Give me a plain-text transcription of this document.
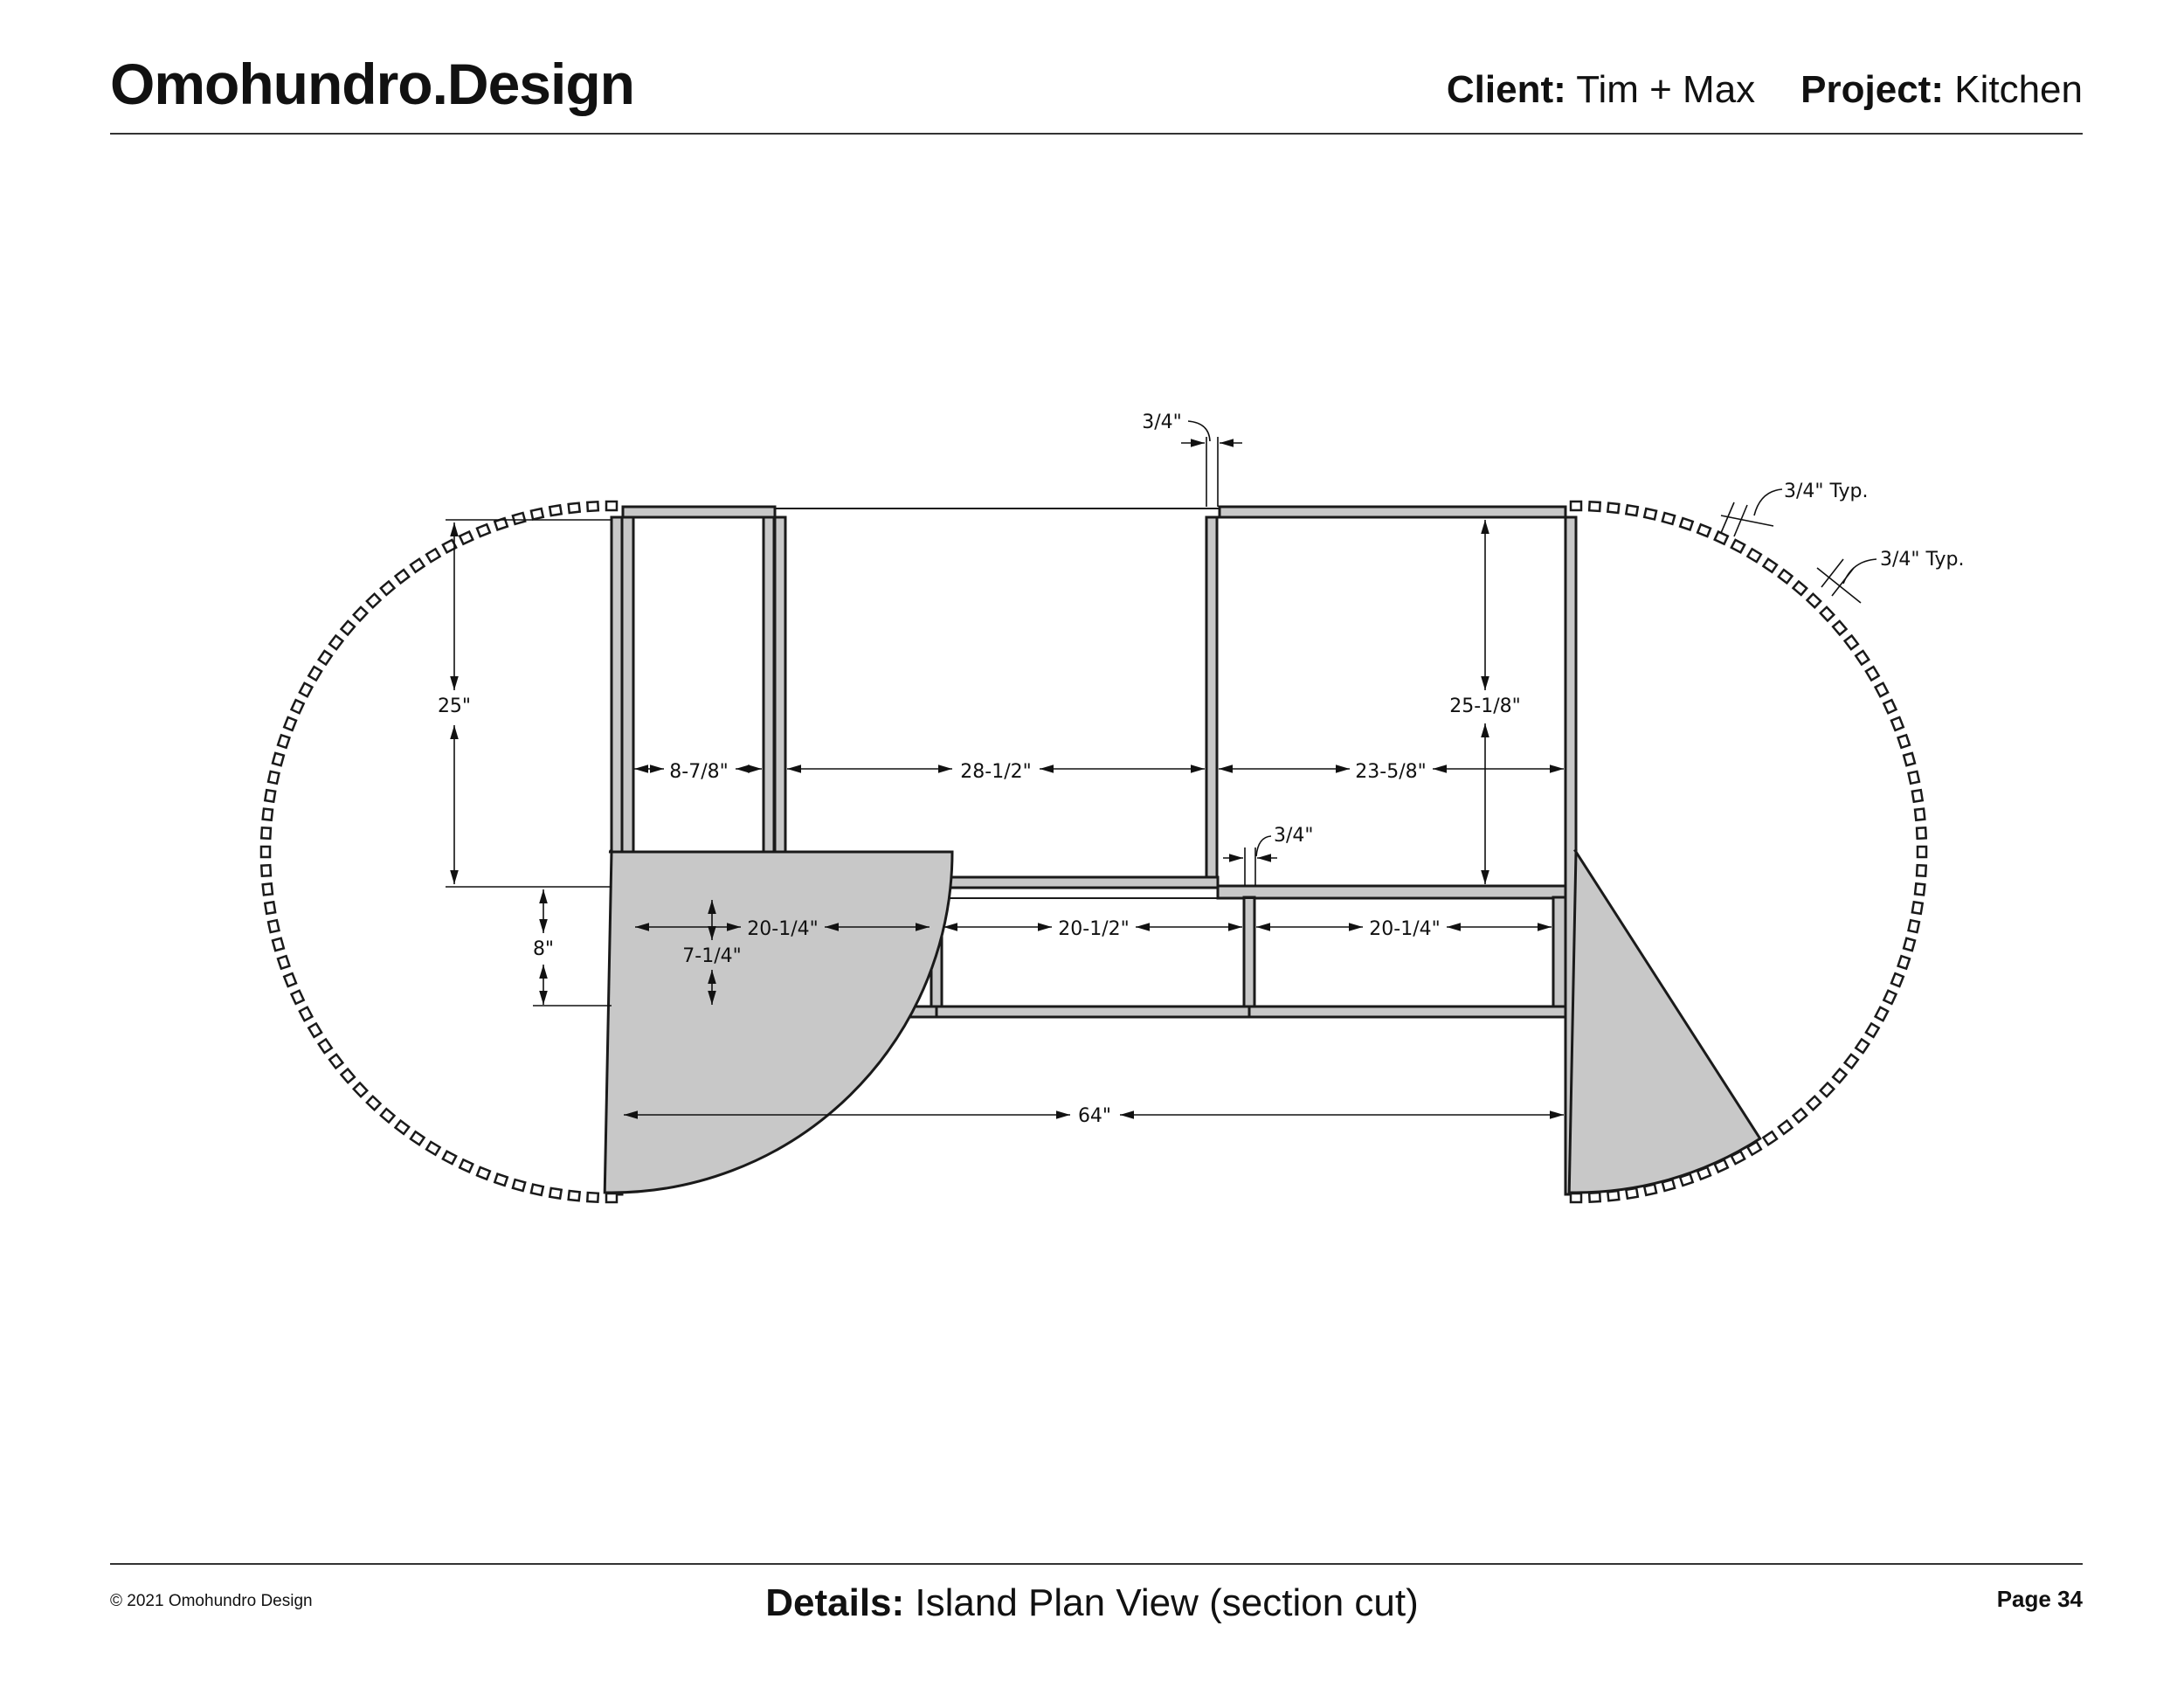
Omohundro.Design	Client: Tim + Max Project: Kitchen
3/4"
3/4" Typ.
3/4" Typ.
25"	25-1/8"
8-7/8"	28-1/2"	23-5/8"
3/4"
8"	7-1/4"
20-1/4"	20-1/2"	20-1/4"
64"
© 2021 Omohundro Design	Details: Island Plan View (section cut)	Page 34
